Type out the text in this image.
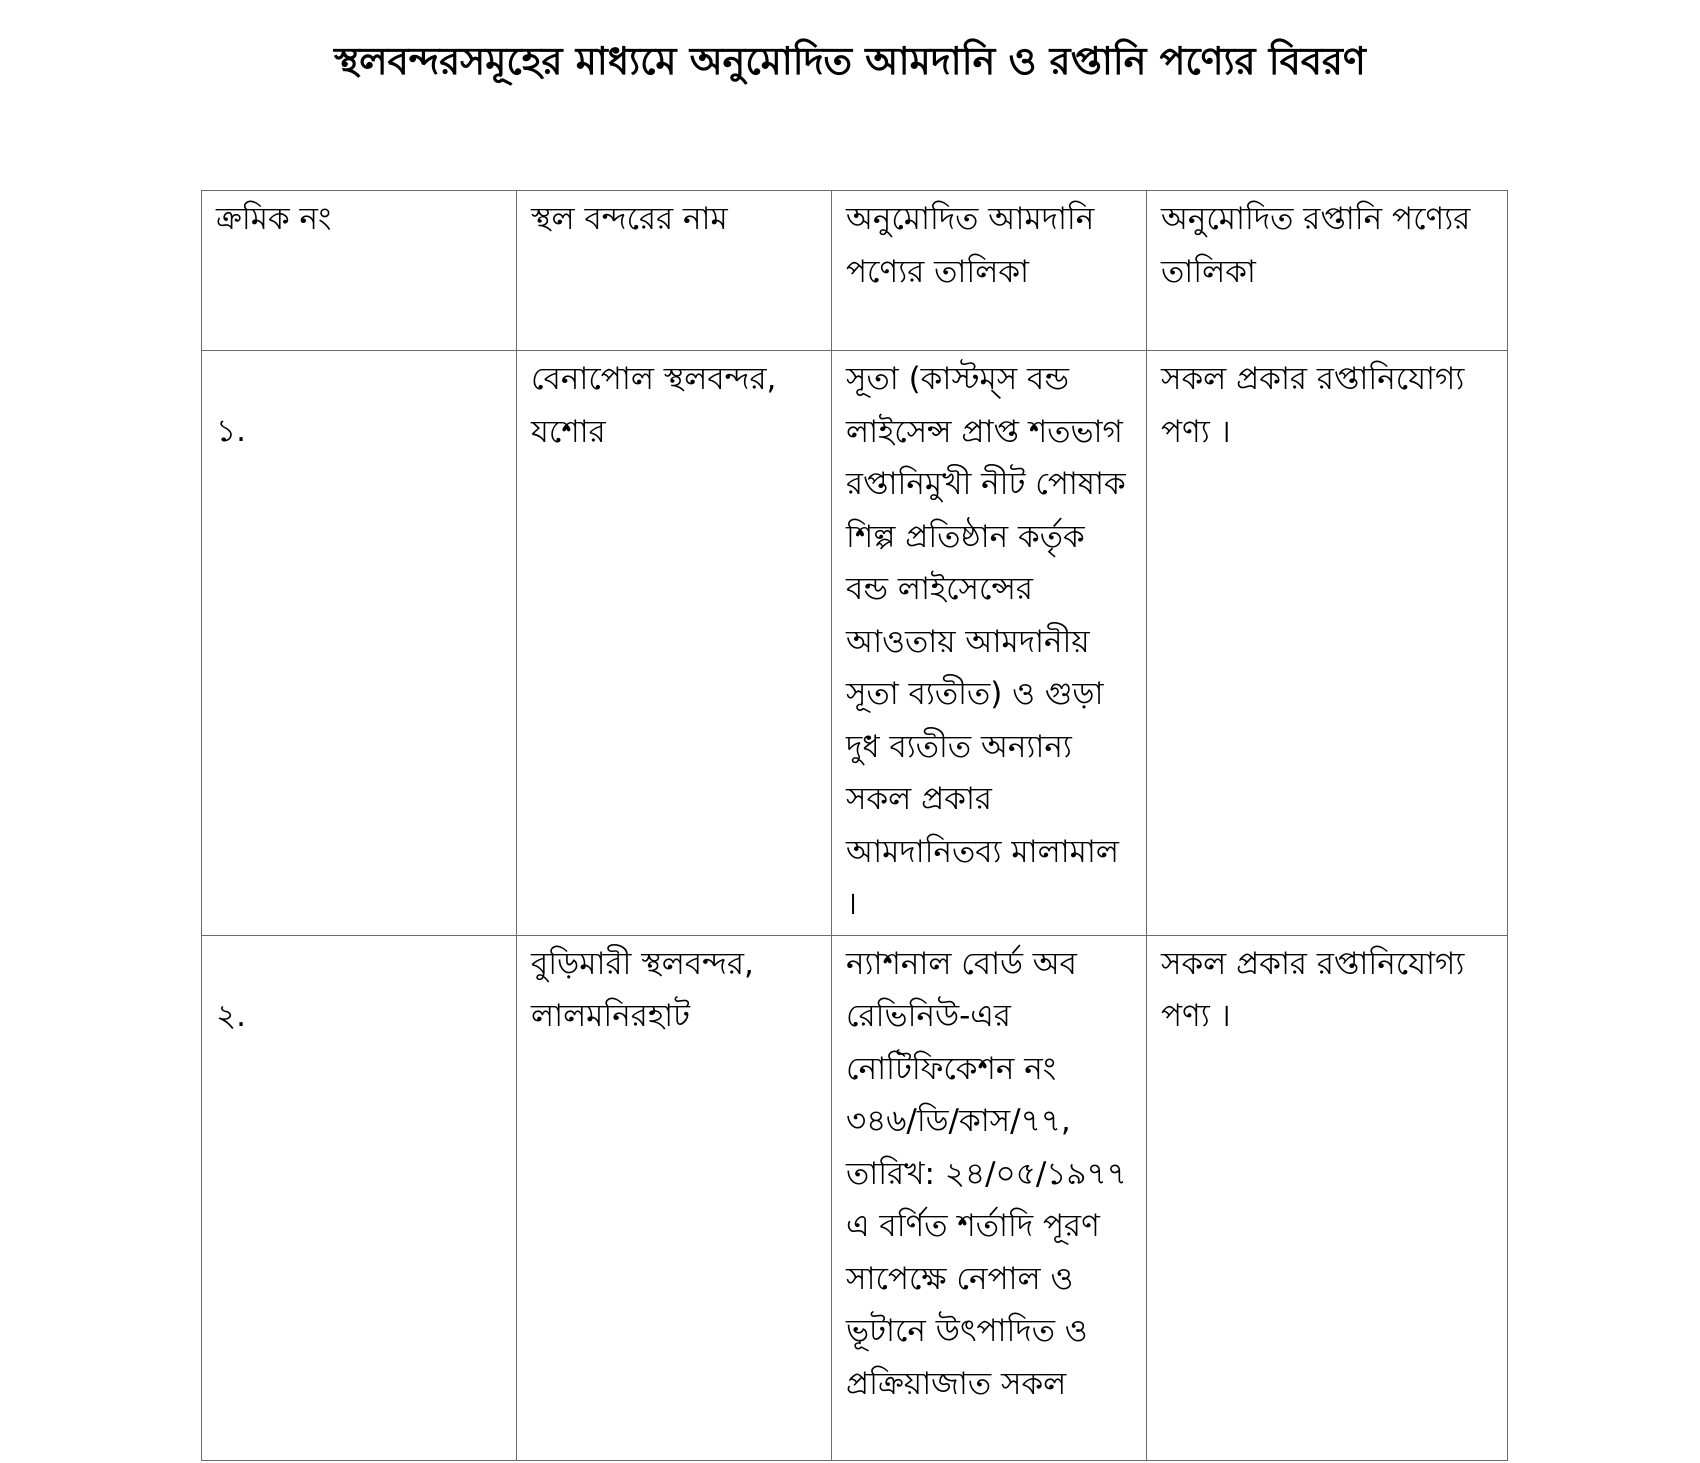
স্থলবন্দরসমূহের মাধ্যমে অনুমোদিত আমদানি ও রপ্তানি পণ্যের বিবরণ
ক্রমিক নং	স্থল বন্দরের নাম	অনুমোদিত আমদানি পণ্যের তালিকা	অনুমোদিত রপ্তানি পণ্যের তালিকা

১.	বেনাপোল স্থলবন্দর, যশোর	সূতা (কাস্টম্‌স বন্ড লাইসেন্স প্রাপ্ত শতভাগ রপ্তানিমুখী নীট পোষাক শিল্প প্রতিষ্ঠান কর্তৃক বন্ড লাইসেন্সের আওতায় আমদানীয় সূতা ব্যতীত) ও গুড়া দুধ ব্যতীত অন্যান্য সকল প্রকার আমদানিতব্য মালামাল ।	সকল প্রকার রপ্তানিযোগ্য পণ্য ।

২.	বুড়িমারী স্থলবন্দর, লালমনিরহাট	ন্যাশনাল বোর্ড অব রেভিনিউ-এর নোটিফিকেশন নং ৩৪৬/ডি/কাস/৭৭, তারিখ: ২৪/০৫/১৯৭৭ এ বর্ণিত শর্তাদি পূরণ সাপেক্ষে নেপাল ও ভূটানে উৎপাদিত ও প্রক্রিয়াজাত সকল	সকল প্রকার রপ্তানিযোগ্য পণ্য ।
